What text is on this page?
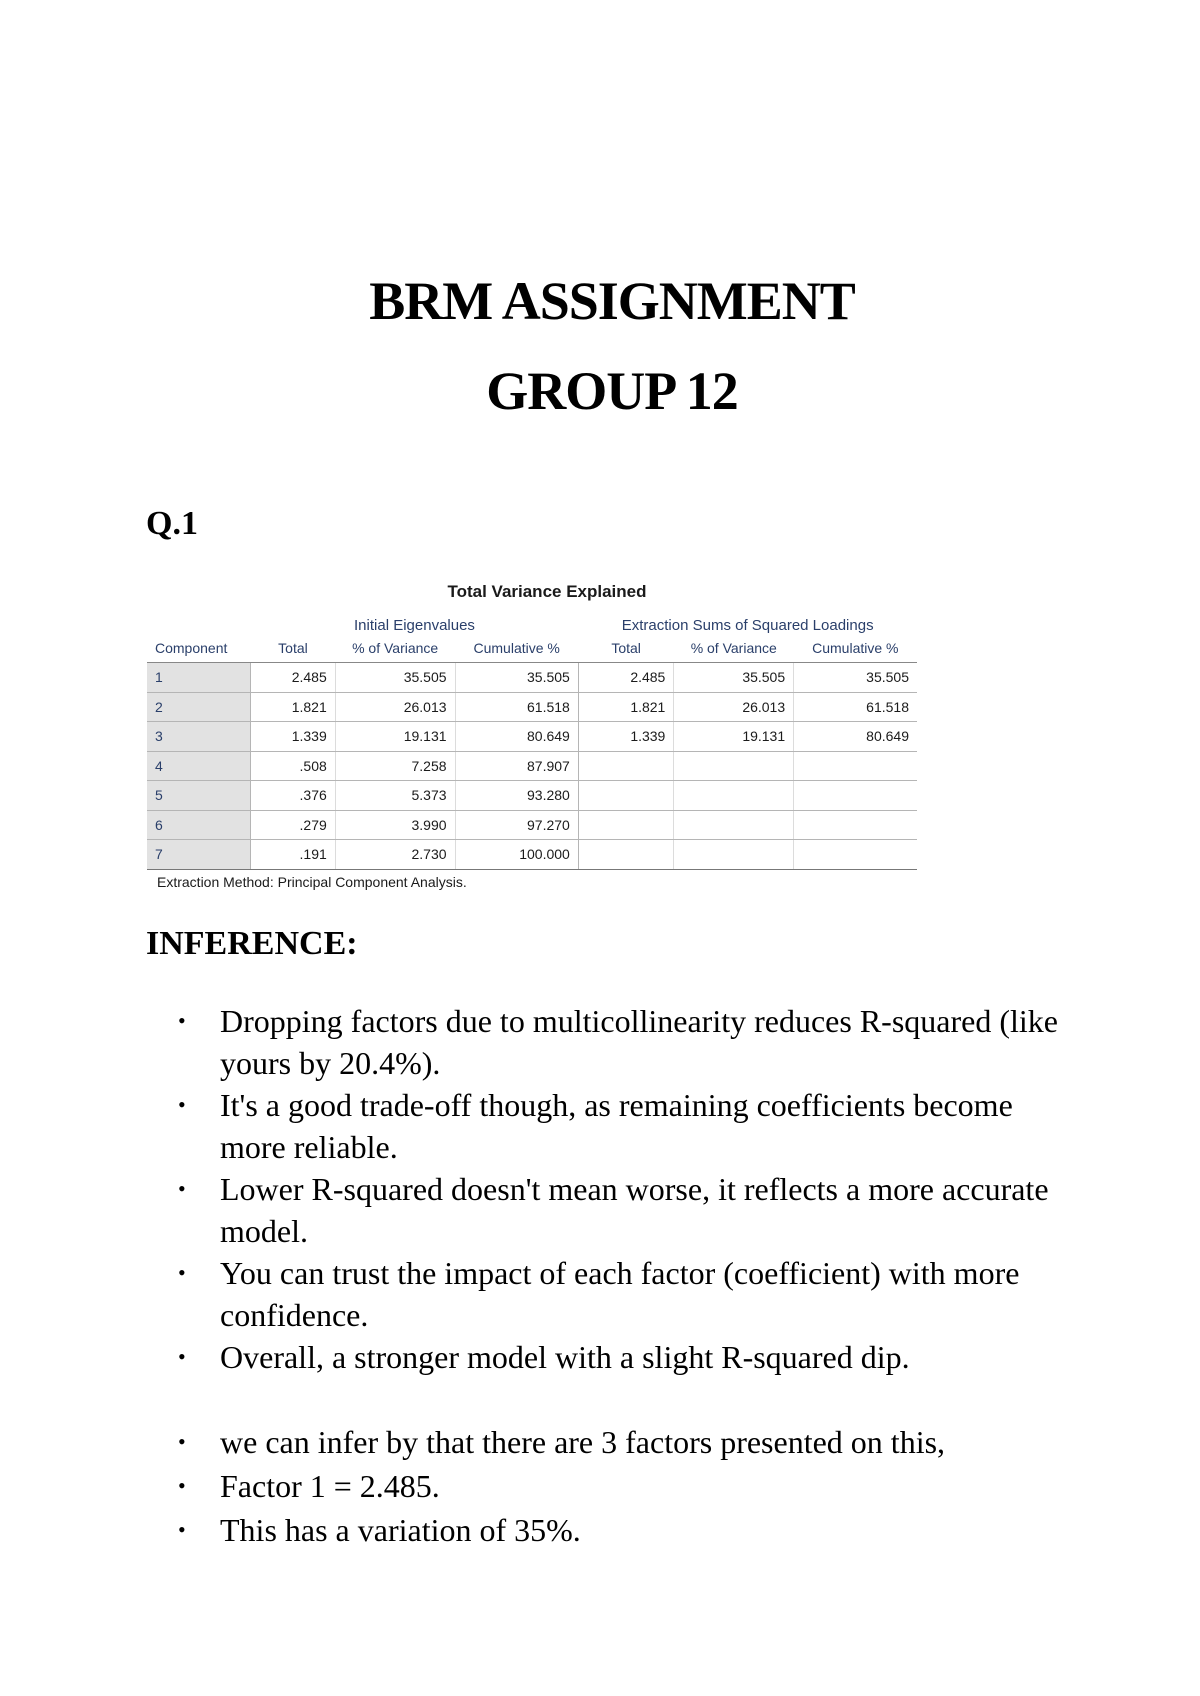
BRM ASSIGNMENT
GROUP 12
Q.1
Total Variance Explained
	Initial Eigenvalues			Extraction Sums of Squared Loadings		
Component	Total	% of Variance	Cumulative %	Total	% of Variance	Cumulative %
1	2.485	35.505	35.505	2.485	35.505	35.505
2	1.821	26.013	61.518	1.821	26.013	61.518
3	1.339	19.131	80.649	1.339	19.131	80.649
4	.508	7.258	87.907			
5	.376	5.373	93.280			
6	.279	3.990	97.270			
7	.191	2.730	100.000			
Extraction Method: Principal Component Analysis.
INFERENCE:
• Dropping factors due to multicollinearity reduces R-squared (like yours by 20.4%).
• It's a good trade-off though, as remaining coefficients become more reliable.
• Lower R-squared doesn't mean worse, it reflects a more accurate model.
• You can trust the impact of each factor (coefficient) with more confidence.
• Overall, a stronger model with a slight R-squared dip.
• we can infer by that there are 3 factors presented on this,
• Factor 1 = 2.485.
• This has a variation of 35%.
